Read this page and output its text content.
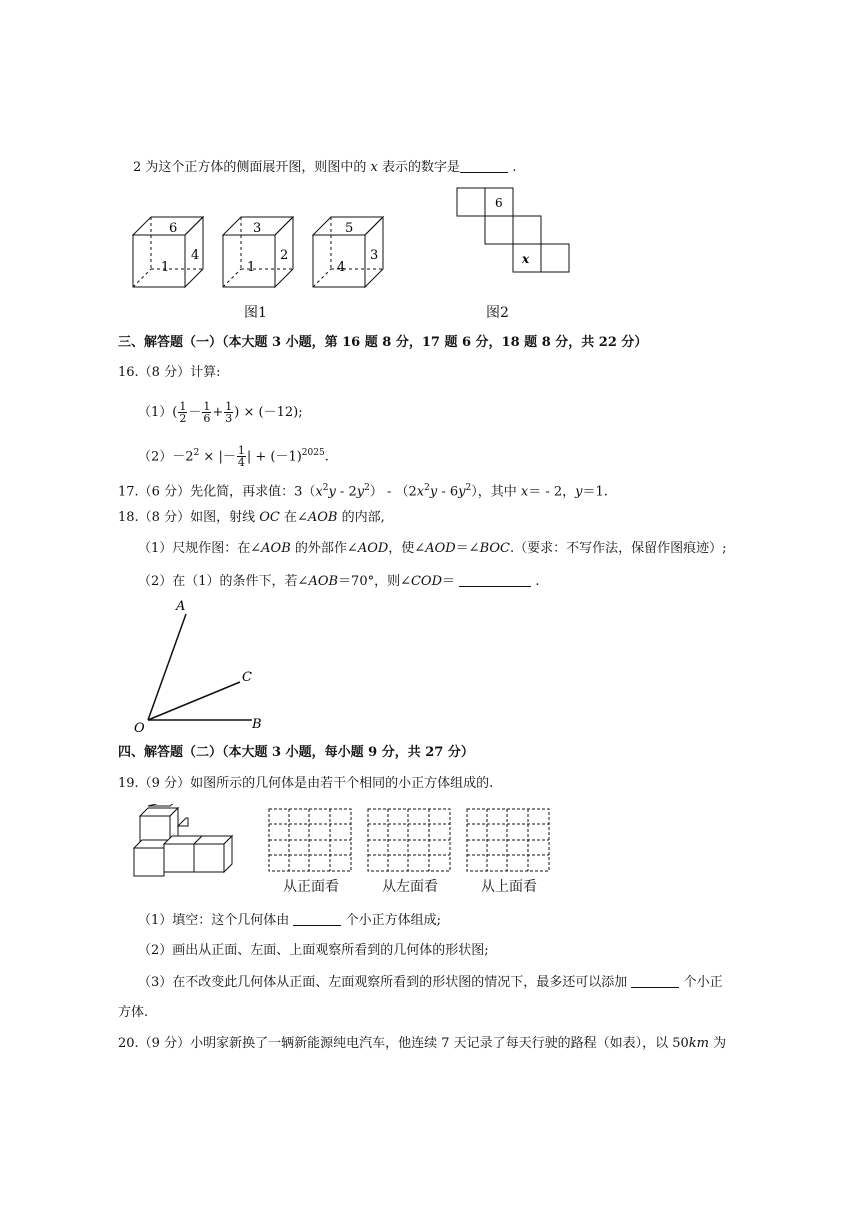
2 为这个正方体的侧面展开图，则图中的 x 表示的数字是	.
6
4
1
3
2
1
5
3
4
6
x
图1	图2
三、解答题（一）（本大题 3 小题，第 16 题 8 分，17 题 6 分，18 题 8 分，共 22 分）
16.（8 分）计算:
$(1)( \frac{1}{2} - \frac{1}{6} + \frac{1}{3}$ ) × (－12);
$(2)-2^2$ × |－ $\frac{1}{4}$ | + $(-1)^{2025}$.
17.（6 分）先化简，再求值：$3(x^2y - 2y^2) - (2x^2y - 6y^2)$，其中 x＝ - 2，y＝1.
18.（8 分）如图，射线 OC 在∠AOB 的内部,
（1）尺规作图：在∠AOB 的外部作∠AOD，使∠AOD＝∠BOC.（要求：不写作法，保留作图痕迹）;
（2）在（1）的条件下，若∠AOB＝70°，则∠COD＝	.
A
C
O	B
四、解答题（二）（本大题 3 小题，每小题 9 分，共 27 分）
19.（9 分）如图所示的几何体是由若干个相同的小正方体组成的.
从正面看	从左面看	从上面看
（1）填空：这个几何体由	个小正方体组成;
（2）画出从正面、左面、上面观察所看到的几何体的形状图;
（3）在不改变此几何体从正面、左面观察所看到的形状图的情况下，最多还可以添加	个小正
方体.
20.（9 分）小明家新换了一辆新能源纯电汽车，他连续 7 天记录了每天行驶的路程（如表），以 50km 为
